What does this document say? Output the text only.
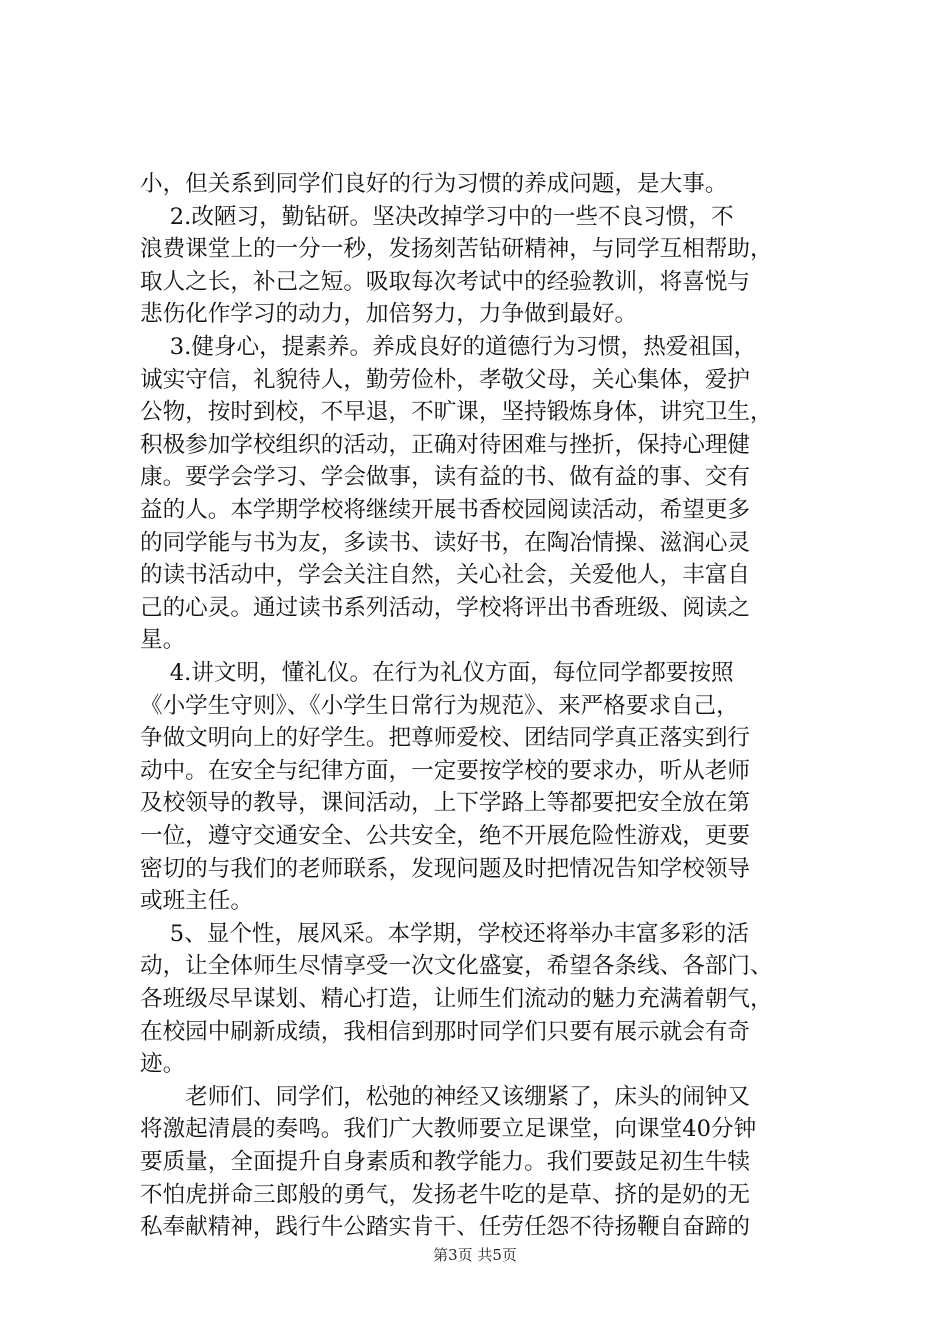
小，但关系到同学们良好的行为习惯的养成问题，是大事。
　 2.改陋习，勤钻研。坚决改掉学习中的一些不良习惯，不
浪费课堂上的一分一秒，发扬刻苦钻研精神，与同学互相帮助，
取人之长，补己之短。吸取每次考试中的经验教训，将喜悦与
悲伤化作学习的动力，加倍努力，力争做到最好。
　 3.健身心，提素养。养成良好的道德行为习惯，热爱祖国，
诚实守信，礼貌待人，勤劳俭朴，孝敬父母，关心集体，爱护
公物，按时到校，不早退，不旷课，坚持锻炼身体，讲究卫生，
积极参加学校组织的活动，正确对待困难与挫折，保持心理健
康。要学会学习、学会做事，读有益的书、做有益的事、交有
益的人。本学期学校将继续开展书香校园阅读活动，希望更多
的同学能与书为友，多读书、读好书，在陶冶情操、滋润心灵
的读书活动中，学会关注自然，关心社会，关爱他人，丰富自
己的心灵。通过读书系列活动，学校将评出书香班级、阅读之
星。
　 4.讲文明，懂礼仪。在行为礼仪方面，每位同学都要按照
《小学生守则》、《小学生日常行为规范》、来严格要求自己，
争做文明向上的好学生。把尊师爱校、团结同学真正落实到行
动中。在安全与纪律方面，一定要按学校的要求办，听从老师
及校领导的教导，课间活动，上下学路上等都要把安全放在第
一位，遵守交通安全、公共安全，绝不开展危险性游戏，更要
密切的与我们的老师联系，发现问题及时把情况告知学校领导
或班主任。
　 5、显个性，展风采。本学期，学校还将举办丰富多彩的活
动，让全体师生尽情享受一次文化盛宴，希望各条线、各部门、
各班级尽早谋划、精心打造，让师生们流动的魅力充满着朝气，
在校园中刷新成绩，我相信到那时同学们只要有展示就会有奇
迹。
　　老师们、同学们，松弛的神经又该绷紧了，床头的闹钟又
将激起清晨的奏鸣。我们广大教师要立足课堂，向课堂40分钟
要质量，全面提升自身素质和教学能力。我们要鼓足初生牛犊
不怕虎拼命三郎般的勇气，发扬老牛吃的是草、挤的是奶的无
私奉献精神，践行牛公踏实肯干、任劳任怨不待扬鞭自奋蹄的
第3页 共5页
